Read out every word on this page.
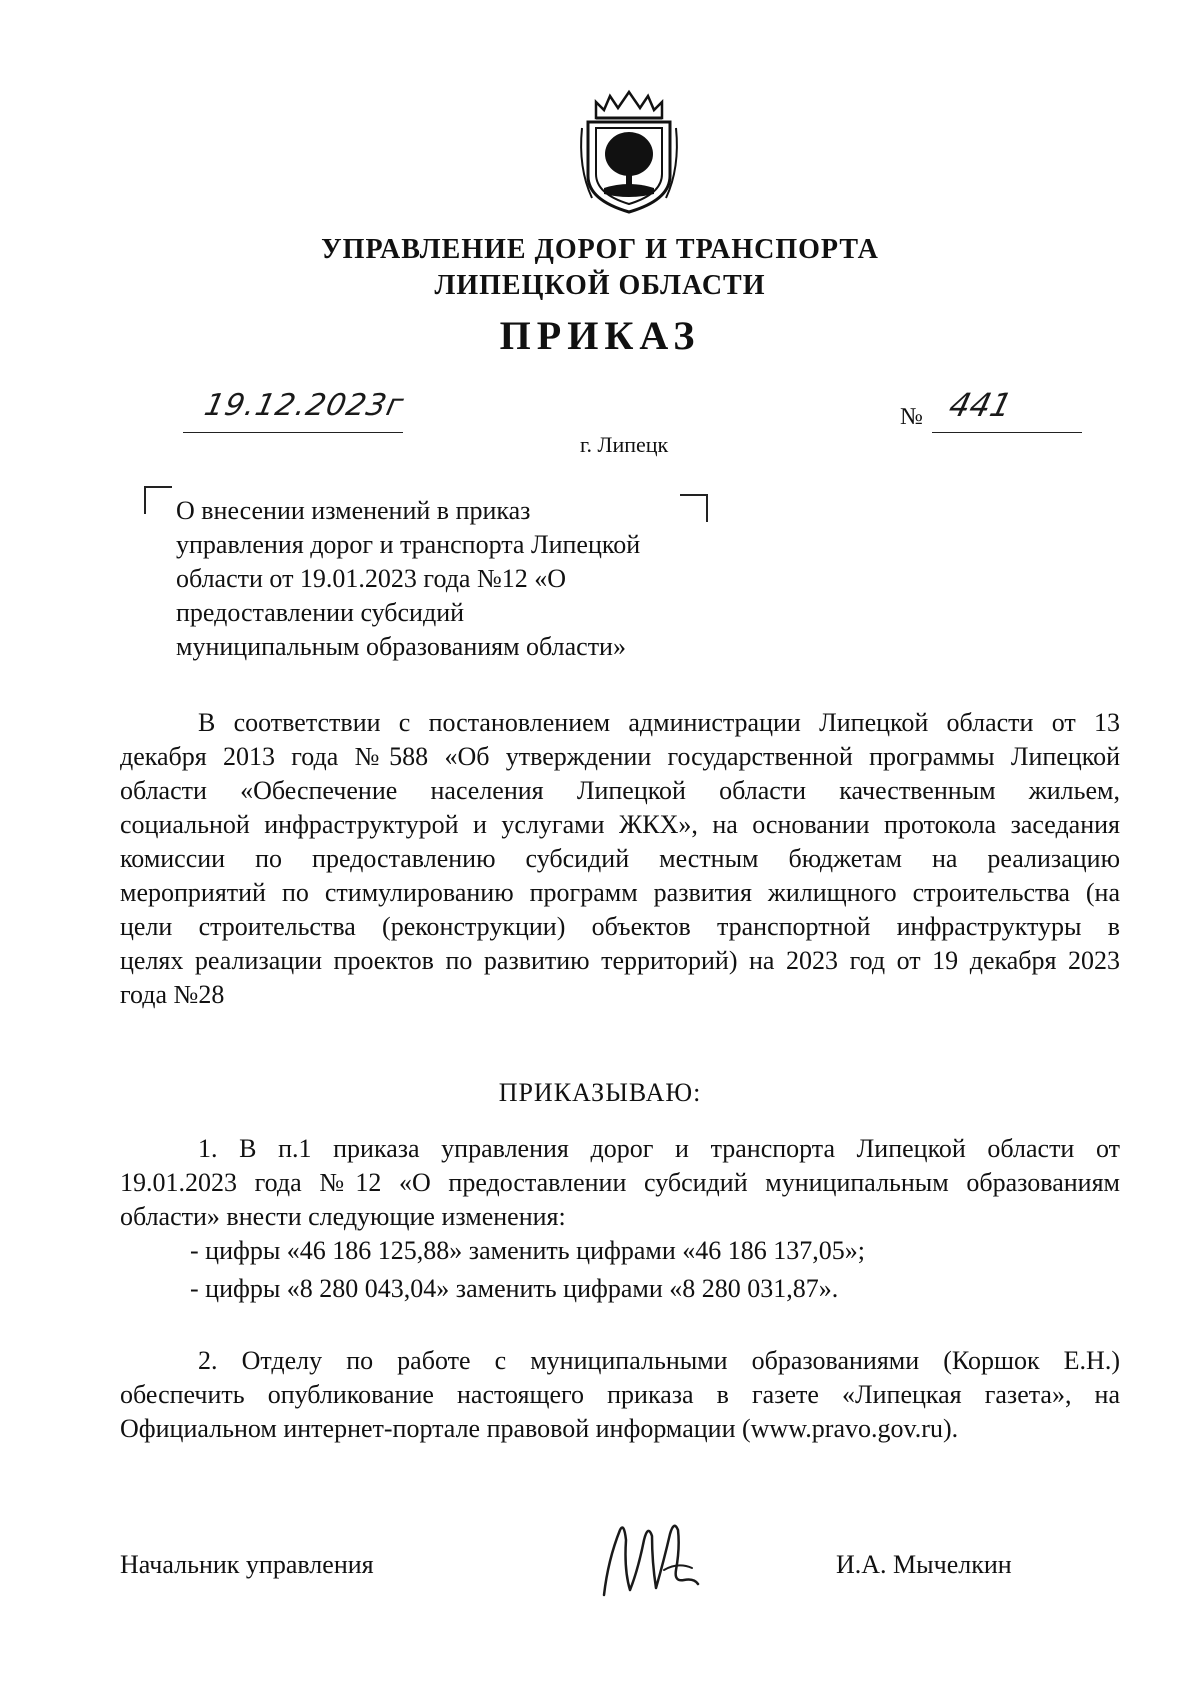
УПРАВЛЕНИЕ ДОРОГ И ТРАНСПОРТА
ЛИПЕЦКОЙ ОБЛАСТИ
ПРИКАЗ
19.12.2023г	№ 441
г. Липецк
О внесении изменений в приказ
управления дорог и транспорта Липецкой
области от 19.01.2023 года №12 «О
предоставлении субсидий
муниципальным образованиям области»
В соответствии с постановлением администрации Липецкой области от 13
декабря 2013 года №588 «Об утверждении государственной программы Липецкой
области «Обеспечение населения Липецкой области качественным жильем,
социальной инфраструктурой и услугами ЖКХ», на основании протокола заседания
комиссии по предоставлению субсидий местным бюджетам на реализацию
мероприятий по стимулированию программ развития жилищного строительства (на
цели строительства (реконструкции) объектов транспортной инфраструктуры в
целях реализации проектов по развитию территорий) на 2023 год от 19 декабря 2023
года №28
ПРИКАЗЫВАЮ:
1. В п.1 приказа управления дорог и транспорта Липецкой области от
19.01.2023 года №12 «О предоставлении субсидий муниципальным образованиям
области» внести следующие изменения:
- цифры «46 186 125,88» заменить цифрами «46 186 137,05»;
- цифры «8 280 043,04» заменить цифрами «8 280 031,87».
2. Отделу по работе с муниципальными образованиями (Коршок Е.Н.)
обеспечить опубликование настоящего приказа в газете «Липецкая газета», на
Официальном интернет-портале правовой информации (www.pravo.gov.ru).
Начальник управления	И.А. Мычелкин
